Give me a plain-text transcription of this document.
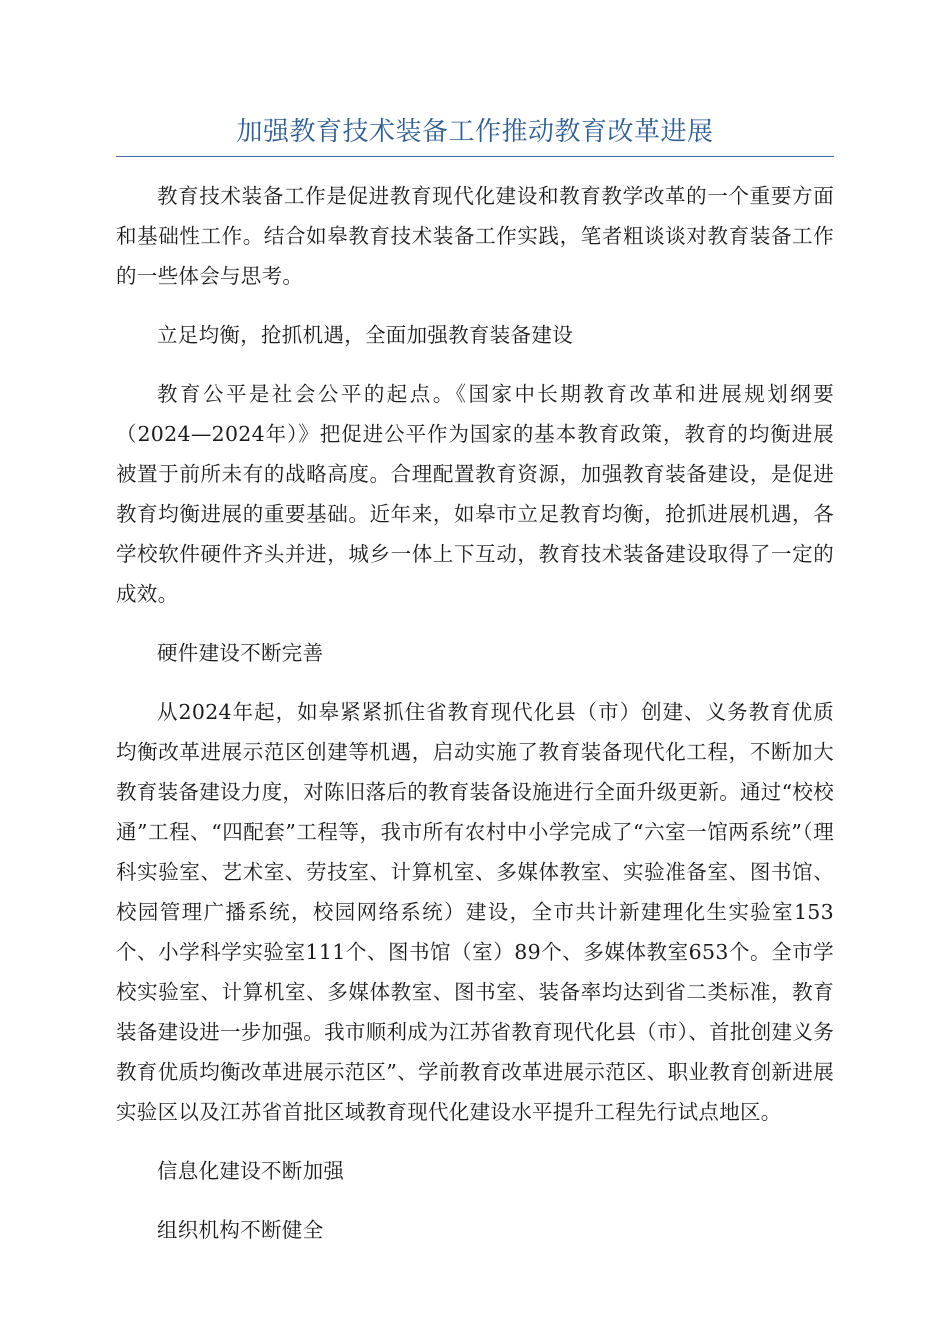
加强教育技术装备工作推动教育改革进展

教育技术装备工作是促进教育现代化建设和教育教学改革的一个重要方面和基础性工作。结合如皋教育技术装备工作实践，笔者粗谈谈对教育装备工作的一些体会与思考。

立足均衡，抢抓机遇，全面加强教育装备建设

教育公平是社会公平的起点。《国家中长期教育改革和进展规划纲要（2024—2024年）》把促进公平作为国家的基本教育政策，教育的均衡进展被置于前所未有的战略高度。合理配置教育资源，加强教育装备建设，是促进教育均衡进展的重要基础。近年来，如皋市立足教育均衡，抢抓进展机遇，各学校软件硬件齐头并进，城乡一体上下互动，教育技术装备建设取得了一定的成效。

硬件建设不断完善

从2024年起，如皋紧紧抓住省教育现代化县（市）创建、义务教育优质均衡改革进展示范区创建等机遇，启动实施了教育装备现代化工程，不断加大教育装备建设力度，对陈旧落后的教育装备设施进行全面升级更新。通过“校校通”工程、“四配套”工程等，我市所有农村中小学完成了“六室一馆两系统”（理科实验室、艺术室、劳技室、计算机室、多媒体教室、实验准备室、图书馆、校园管理广播系统，校园网络系统）建设，全市共计新建理化生实验室153个、小学科学实验室111个、图书馆（室）89个、多媒体教室653个。全市学校实验室、计算机室、多媒体教室、图书室、装备率均达到省二类标准，教育装备建设进一步加强。我市顺利成为江苏省教育现代化县（市）、首批创建义务教育优质均衡改革进展示范区”、学前教育改革进展示范区、职业教育创新进展实验区以及江苏省首批区域教育现代化建设水平提升工程先行试点地区。

信息化建设不断加强

组织机构不断健全
